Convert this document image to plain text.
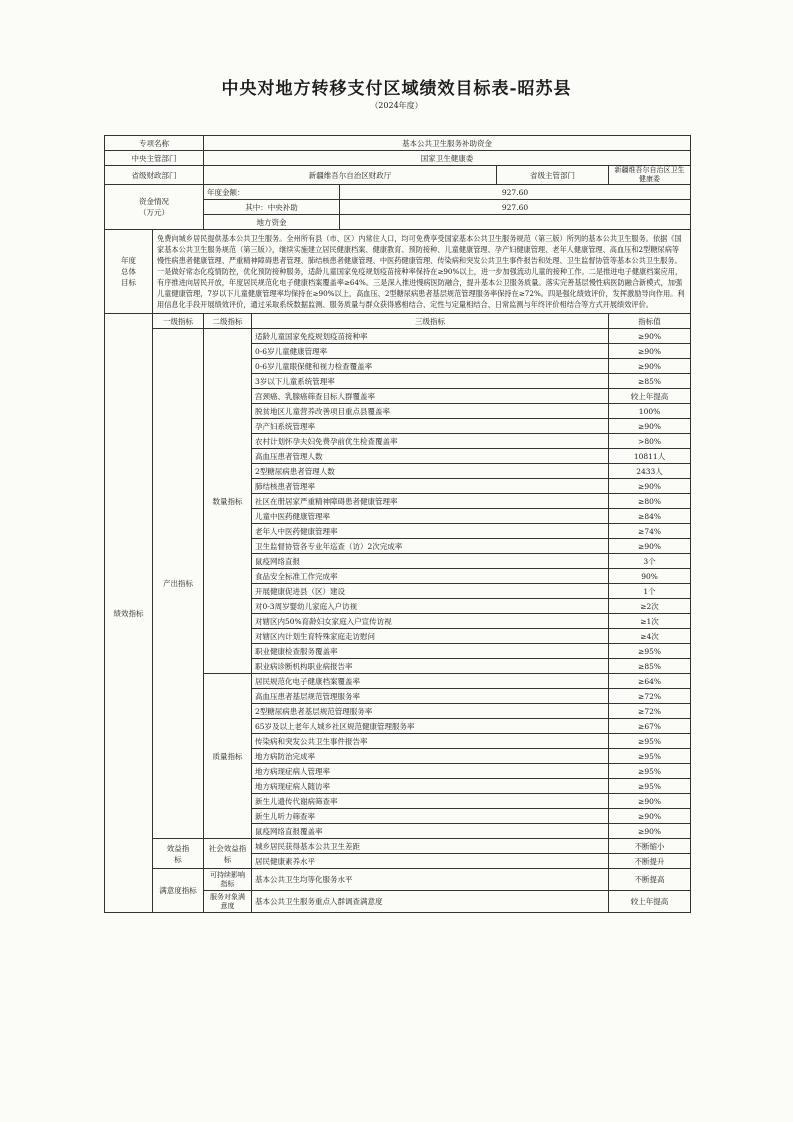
中央对地方转移支付区域绩效目标表-昭苏县
（2024年度）
专项名称		基本公共卫生服务补助资金				
中央主管部门		国家卫生健康委				
省级财政部门		新疆维吾尔自治区财政厅			省级主管部门	新疆维吾尔自治区卫生健康委
资金情况（万元）		年度金额：		927.60		
		其中：中央补助		927.60		
		地方资金				
年度总体目标	免费向城乡居民提供基本公共卫生服务。全州所有县（市、区）内常住人口，均可免费享受国家基本公共卫生服务规范（第三版）所列的基本公共卫生服务。依据《国家基本公共卫生服务规范（第三版）》，继续实施建立居民健康档案、健康教育、预防接种、儿童健康管理、孕产妇健康管理、老年人健康管理、高血压和2型糖尿病等慢性病患者健康管理、严重精神障碍患者管理、肺结核患者健康管理、中医药健康管理、传染病和突发公共卫生事件报告和处理、卫生监督协管等基本公共卫生服务。一是做好常态化疫情防控，优化预防接种服务，适龄儿童国家免疫规划疫苗接种率保持在≥90%以上，进一步加强流动儿童的接种工作。二是推进电子健康档案应用，有序推进向居民开放，年度居民规范化电子健康档案覆盖率≥64%。三是深入推进慢病医防融合，提升基本公卫服务质量。落实完善基层慢性病医防融合新模式，加强儿童健康管理，7岁以下儿童健康管理率均保持在≥90%以上，高血压、2型糖尿病患者基层规范管理服务率保持在≥72%。四是强化绩效评价，发挥激励导向作用。利用信息化手段开展绩效评价，通过采取系统数据监测、服务质量与群众获得感相结合、定性与定量相结合、日常监测与年终评价相结合等方式开展绩效评价。					
绩效指标	一级指标	二级指标	三级指标			指标值
	产出指标	数量指标	适龄儿童国家免疫规划疫苗接种率			≥90%
			0-6岁儿童健康管理率			≥90%
			0-6岁儿童眼保健和视力检查覆盖率			≥90%
			3岁以下儿童系统管理率			≥85%
			宫颈癌、乳腺癌筛查目标人群覆盖率			较上年提高
			脱贫地区儿童营养改善项目重点县覆盖率			100%
			孕产妇系统管理率			≥90%
			农村计划怀孕夫妇免费孕前优生检查覆盖率			>80%
			高血压患者管理人数			10811人
			2型糖尿病患者管理人数			2433人
			肺结核患者管理率			≥90%
			社区在册居家严重精神障碍患者健康管理率			≥80%
			儿童中医药健康管理率			≥84%
			老年人中医药健康管理率			≥74%
			卫生监督协管各专业年巡查（访）2次完成率			≥90%
			鼠疫网络直报			3个
			食品安全标准工作完成率			90%
			开展健康促进县（区）建设			1个
			对0-3周岁婴幼儿家庭入户访视			≥2次
			对辖区内50%育龄妇女家庭入户宣传访视			≥1次
			对辖区内计划生育特殊家庭走访慰问			≥4次
			职业健康检查服务覆盖率			≥95%
			职业病诊断机构职业病报告率			≥85%
		质量指标	居民规范化电子健康档案覆盖率			≥64%
			高血压患者基层规范管理服务率			≥72%
			2型糖尿病患者基层规范管理服务率			≥72%
			65岁及以上老年人城乡社区规范健康管理服务率			≥67%
			传染病和突发公共卫生事件报告率			≥95%
			地方病防治完成率			≥95%
			地方病现症病人管理率			≥95%
			地方病现症病人随访率			≥95%
			新生儿遗传代谢病筛查率			≥90%
			新生儿听力筛查率			≥90%
			鼠疫网络直报覆盖率			≥90%
	效益指标	社会效益指标	城乡居民获得基本公共卫生差距			不断缩小
			居民健康素养水平			不断提升
	满意度指标	可持续影响指标	基本公共卫生均等化服务水平			不断提高
		服务对象满意度	基本公共卫生服务重点人群调查满意度			较上年提高
